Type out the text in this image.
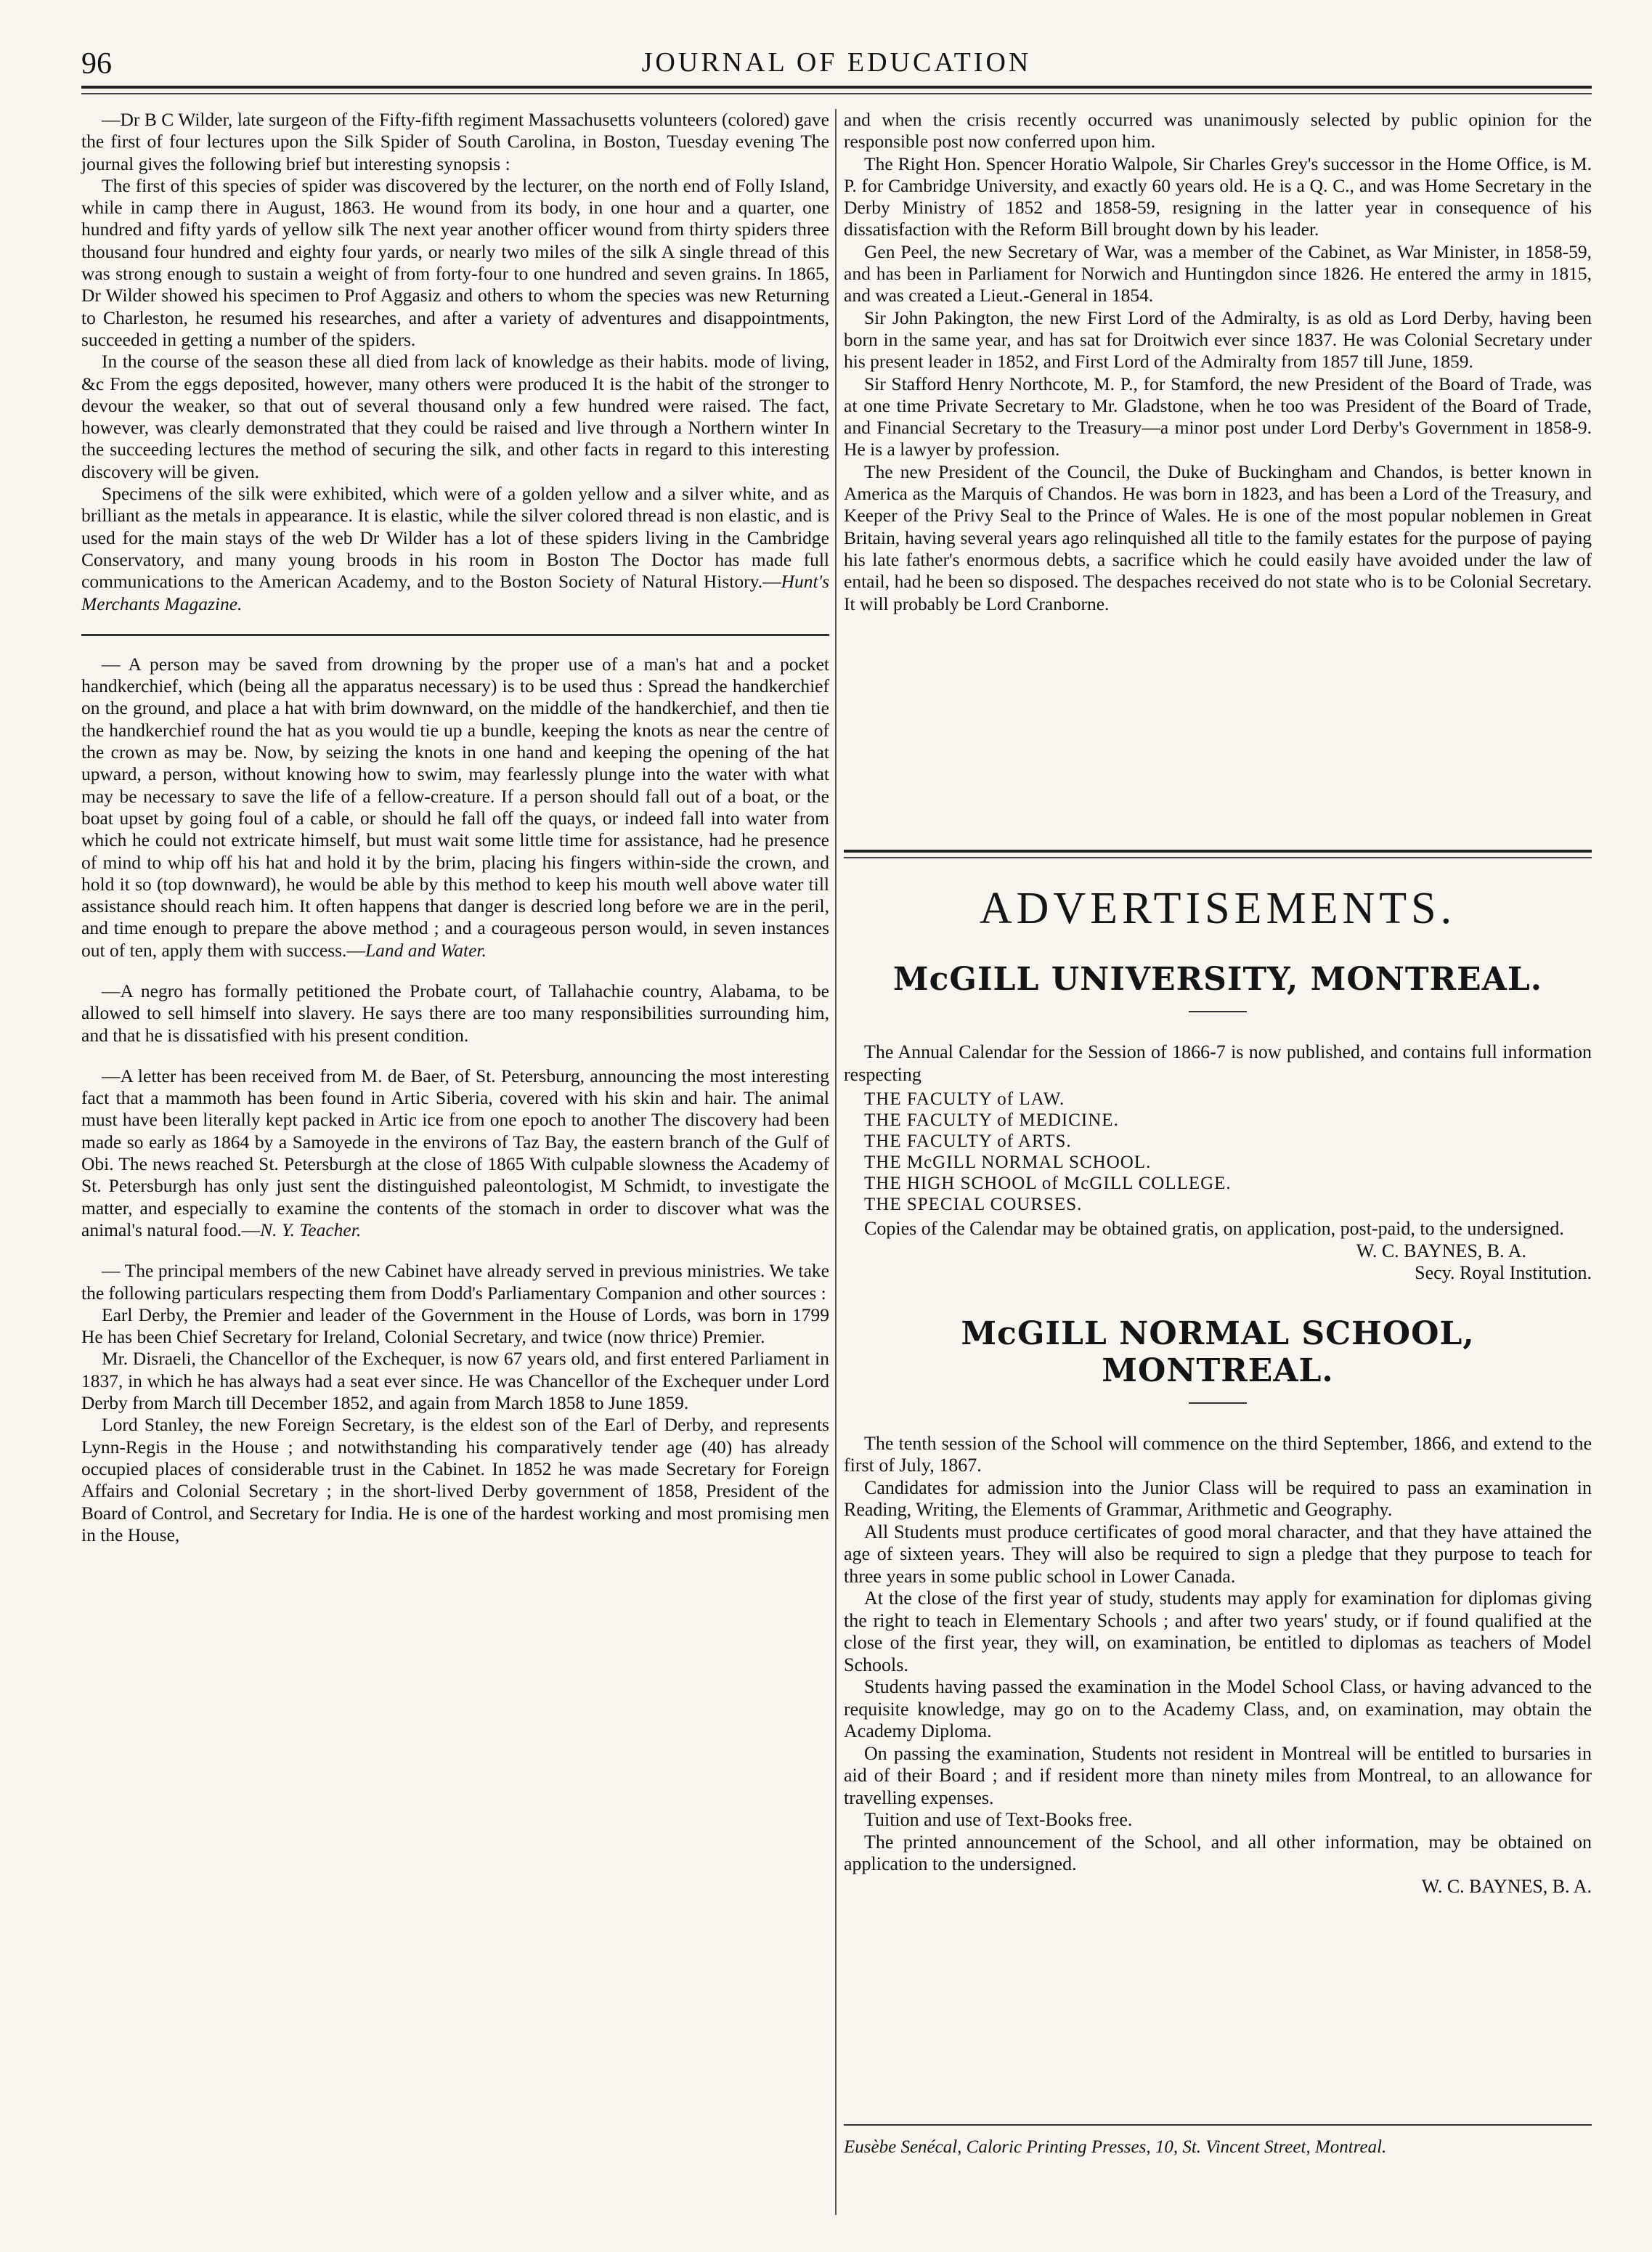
96	JOURNAL OF EDUCATION

—Dr B C Wilder, late surgeon of the Fifty-fifth regiment Massachusetts volunteers (colored) gave the first of four lectures upon the Silk Spider of South Carolina, in Boston, Tuesday evening The journal gives the following brief but interesting synopsis :

The first of this species of spider was discovered by the lecturer, on the north end of Folly Island, while in camp there in August, 1863. He wound from its body, in one hour and a quarter, one hundred and fifty yards of yellow silk The next year another officer wound from thirty spiders three thousand four hundred and eighty four yards, or nearly two miles of the silk A single thread of this was strong enough to sustain a weight of from forty-four to one hundred and seven grains. In 1865, Dr Wilder showed his specimen to Prof Aggasiz and others to whom the species was new Returning to Charleston, he resumed his researches, and after a variety of adventures and disappointments, succeeded in getting a number of the spiders.

In the course of the season these all died from lack of knowledge as their habits. mode of living, &c From the eggs deposited, however, many others were produced It is the habit of the stronger to devour the weaker, so that out of several thousand only a few hundred were raised. The fact, however, was clearly demonstrated that they could be raised and live through a Northern winter In the succeeding lectures the method of securing the silk, and other facts in regard to this interesting discovery will be given.

Specimens of the silk were exhibited, which were of a golden yellow and a silver white, and as brilliant as the metals in appearance. It is elastic, while the silver colored thread is non elastic, and is used for the main stays of the web Dr Wilder has a lot of these spiders living in the Cambridge Conservatory, and many young broods in his room in Boston The Doctor has made full communications to the American Academy, and to the Boston Society of Natural History.—Hunt's Merchants Magazine.

— A person may be saved from drowning by the proper use of a man's hat and a pocket handkerchief, which (being all the apparatus necessary) is to be used thus : Spread the handkerchief on the ground, and place a hat with brim downward, on the middle of the handkerchief, and then tie the handkerchief round the hat as you would tie up a bundle, keeping the knots as near the centre of the crown as may be. Now, by seizing the knots in one hand and keeping the opening of the hat upward, a person, without knowing how to swim, may fearlessly plunge into the water with what may be necessary to save the life of a fellow-creature. If a person should fall out of a boat, or the boat upset by going foul of a cable, or should he fall off the quays, or indeed fall into water from which he could not extricate himself, but must wait some little time for assistance, had he presence of mind to whip off his hat and hold it by the brim, placing his fingers within-side the crown, and hold it so (top downward), he would be able by this method to keep his mouth well above water till assistance should reach him. It often happens that danger is descried long before we are in the peril, and time enough to prepare the above method ; and a courageous person would, in seven instances out of ten, apply them with success.—Land and Water.

—A negro has formally petitioned the Probate court, of Tallahachie country, Alabama, to be allowed to sell himself into slavery. He says there are too many responsibilities surrounding him, and that he is dissatisfied with his present condition.

—A letter has been received from M. de Baer, of St. Petersburg, announcing the most interesting fact that a mammoth has been found in Artic Siberia, covered with his skin and hair. The animal must have been literally kept packed in Artic ice from one epoch to another The discovery had been made so early as 1864 by a Samoyede in the environs of Taz Bay, the eastern branch of the Gulf of Obi. The news reached St. Petersburgh at the close of 1865 With culpable slowness the Academy of St. Petersburgh has only just sent the distinguished paleontologist, M Schmidt, to investigate the matter, and especially to examine the contents of the stomach in order to discover what was the animal's natural food.—N. Y. Teacher.

— The principal members of the new Cabinet have already served in previous ministries. We take the following particulars respecting them from Dodd's Parliamentary Companion and other sources :

Earl Derby, the Premier and leader of the Government in the House of Lords, was born in 1799 He has been Chief Secretary for Ireland, Colonial Secretary, and twice (now thrice) Premier.

Mr. Disraeli, the Chancellor of the Exchequer, is now 67 years old, and first entered Parliament in 1837, in which he has always had a seat ever since. He was Chancellor of the Exchequer under Lord Derby from March till December 1852, and again from March 1858 to June 1859.

Lord Stanley, the new Foreign Secretary, is the eldest son of the Earl of Derby, and represents Lynn-Regis in the House ; and notwithstanding his comparatively tender age (40) has already occupied places of considerable trust in the Cabinet. In 1852 he was made Secretary for Foreign Affairs and Colonial Secretary ; in the short-lived Derby government of 1858, President of the Board of Control, and Secretary for India. He is one of the hardest working and most promising men in the House,

and when the crisis recently occurred was unanimously selected by public opinion for the responsible post now conferred upon him.

The Right Hon. Spencer Horatio Walpole, Sir Charles Grey's successor in the Home Office, is M. P. for Cambridge University, and exactly 60 years old. He is a Q. C., and was Home Secretary in the Derby Ministry of 1852 and 1858-59, resigning in the latter year in consequence of his dissatisfaction with the Reform Bill brought down by his leader.

Gen Peel, the new Secretary of War, was a member of the Cabinet, as War Minister, in 1858-59, and has been in Parliament for Norwich and Huntingdon since 1826. He entered the army in 1815, and was created a Lieut.-General in 1854.

Sir John Pakington, the new First Lord of the Admiralty, is as old as Lord Derby, having been born in the same year, and has sat for Droitwich ever since 1837. He was Colonial Secretary under his present leader in 1852, and First Lord of the Admiralty from 1857 till June, 1859.

Sir Stafford Henry Northcote, M. P., for Stamford, the new President of the Board of Trade, was at one time Private Secretary to Mr. Gladstone, when he too was President of the Board of Trade, and Financial Secretary to the Treasury—a minor post under Lord Derby's Government in 1858-9. He is a lawyer by profession.

The new President of the Council, the Duke of Buckingham and Chandos, is better known in America as the Marquis of Chandos. He was born in 1823, and has been a Lord of the Treasury, and Keeper of the Privy Seal to the Prince of Wales. He is one of the most popular noblemen in Great Britain, having several years ago relinquished all title to the family estates for the purpose of paying his late father's enormous debts, a sacrifice which he could easily have avoided under the law of entail, had he been so disposed. The despaches received do not state who is to be Colonial Secretary. It will probably be Lord Cranborne.

ADVERTISEMENTS.
McGILL UNIVERSITY, MONTREAL.

The Annual Calendar for the Session of 1866-7 is now published, and contains full information respecting

THE FACULTY of LAW.
THE FACULTY of MEDICINE.
THE FACULTY of ARTS.
THE McGILL NORMAL SCHOOL.
THE HIGH SCHOOL of McGILL COLLEGE.
THE SPECIAL COURSES.

Copies of the Calendar may be obtained gratis, on application, post-paid, to the undersigned.

W. C. BAYNES, B. A.

Secy. Royal Institution.

McGILL NORMAL SCHOOL, MONTREAL.

The tenth session of the School will commence on the third September, 1866, and extend to the first of July, 1867.

Candidates for admission into the Junior Class will be required to pass an examination in Reading, Writing, the Elements of Grammar, Arithmetic and Geography.

All Students must produce certificates of good moral character, and that they have attained the age of sixteen years. They will also be required to sign a pledge that they purpose to teach for three years in some public school in Lower Canada.

At the close of the first year of study, students may apply for examination for diplomas giving the right to teach in Elementary Schools ; and after two years' study, or if found qualified at the close of the first year, they will, on examination, be entitled to diplomas as teachers of Model Schools.

Students having passed the examination in the Model School Class, or having advanced to the requisite knowledge, may go on to the Academy Class, and, on examination, may obtain the Academy Diploma.

On passing the examination, Students not resident in Montreal will be entitled to bursaries in aid of their Board ; and if resident more than ninety miles from Montreal, to an allowance for travelling expenses.

Tuition and use of Text-Books free.

The printed announcement of the School, and all other information, may be obtained on application to the undersigned.

W. C. BAYNES, B. A.

Eusèbe Senécal, Caloric Printing Presses, 10, St. Vincent Street, Montreal.
